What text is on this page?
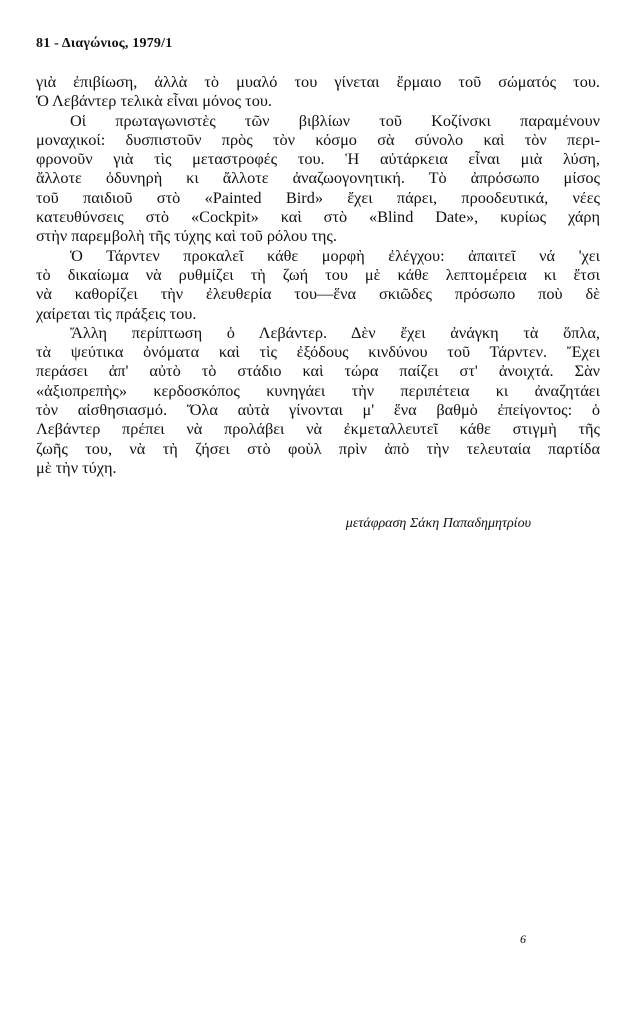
81 - Διαγώνιος, 1979/1
γιὰ ἐπιβίωση, ἀλλὰ τὸ μυαλό του γίνεται ἕρμαιο τοῦ σώματός του.
Ὁ Λεβάντερ τελικὰ εἶναι μόνος του.
Οἱ πρωταγωνιστὲς τῶν βιβλίων τοῦ Κοζίνσκι παραμένουν
μοναχικοί: δυσπιστοῦν πρὸς τὸν κόσμο σὰ σύνολο καὶ τὸν περι-
φρονοῦν γιὰ τὶς μεταστροφές του. Ἡ αὐτάρκεια εἶναι μιὰ λύση,
ἄλλοτε ὀδυνηρὴ κι ἄλλοτε ἀναζωογονητική. Τὸ ἀπρόσωπο μίσος
τοῦ παιδιοῦ στὸ «Painted Bird» ἔχει πάρει, προοδευτικά, νέες
κατευθύνσεις στὸ «Cockpit» καὶ στὸ «Blind Date», κυρίως χάρη
στὴν παρεμβολὴ τῆς τύχης καὶ τοῦ ρόλου της.
Ὁ Τάρντεν προκαλεῖ κάθε μορφὴ ἐλέγχου: ἀπαιτεῖ νά 'χει
τὸ δικαίωμα νὰ ρυθμίζει τὴ ζωή του μὲ κάθε λεπτομέρεια κι ἔτσι
νὰ καθορίζει τὴν ἐλευθερία του—ἕνα σκιῶδες πρόσωπο ποὺ δὲ
χαίρεται τὶς πράξεις του.
Ἄλλη περίπτωση ὁ Λεβάντερ. Δὲν ἔχει ἀνάγκη τὰ ὅπλα,
τὰ ψεύτικα ὀνόματα καὶ τὶς ἐξόδους κινδύνου τοῦ Τάρντεν. Ἔχει
περάσει ἀπ' αὐτὸ τὸ στάδιο καὶ τώρα παίζει στ' ἀνοιχτά. Σὰν
«ἀξιοπρεπὴς» κερδοσκόπος κυνηγάει τὴν περιπέτεια κι ἀναζητάει
τὸν αἰσθησιασμό. Ὅλα αὐτὰ γίνονται μ' ἕνα βαθμὸ ἐπείγοντος: ὁ
Λεβάντερ πρέπει νὰ προλάβει νὰ ἐκμεταλλευτεῖ κάθε στιγμὴ τῆς
ζωῆς του, νὰ τὴ ζήσει στὸ φοὺλ πρὶν ἀπὸ τὴν τελευταία παρτίδα
μὲ τὴν τύχη.
μετάφραση Σάκη Παπαδημητρίου
6
